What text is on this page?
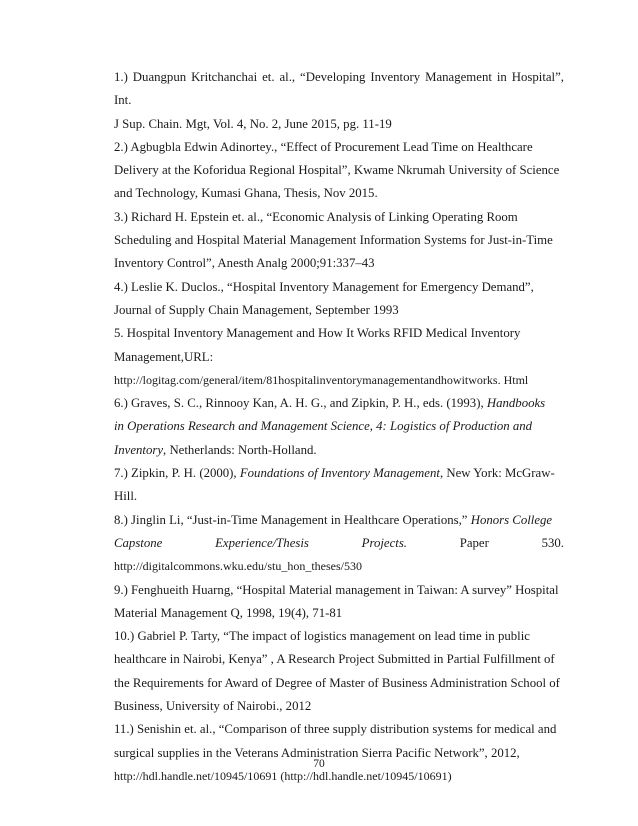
1.) Duangpun Kritchanchai et. al., “Developing Inventory Management in Hospital”, Int.

J Sup. Chain. Mgt, Vol. 4, No. 2, June 2015, pg. 11-19

2.) Agbugbla Edwin Adinortey., “Effect of Procurement Lead Time on Healthcare

Delivery at the Koforidua Regional Hospital”, Kwame Nkrumah University of Science

and Technology, Kumasi Ghana, Thesis, Nov 2015.

3.) Richard H. Epstein et. al., “Economic Analysis of Linking Operating Room

Scheduling and Hospital Material Management Information Systems for Just-in-Time

Inventory Control”, Anesth Analg 2000;91:337–43

4.) Leslie K. Duclos., “Hospital Inventory Management for Emergency Demand”,

Journal of Supply Chain Management, September 1993

5. Hospital Inventory Management and How It Works RFID Medical Inventory

Management,URL:

http://logitag.com/general/item/81hospitalinventorymanagementandhowitworks. Html

6.) Graves, S. C., Rinnooy Kan, A. H. G., and Zipkin, P. H., eds. (1993), Handbooks

in Operations Research and Management Science, 4: Logistics of Production and

Inventory, Netherlands: North-Holland.

7.) Zipkin, P. H. (2000), Foundations of Inventory Management, New York: McGraw-

Hill.

8.) Jinglin Li, “Just-in-Time Management in Healthcare Operations,” Honors College

Capstone	Experience/Thesis	Projects.	Paper	530.

http://digitalcommons.wku.edu/stu_hon_theses/530

9.) Fenghueith Huarng, “Hospital Material management in Taiwan: A survey” Hospital

Material Management Q, 1998, 19(4), 71-81

10.) Gabriel P. Tarty, “The impact of logistics management on lead time in public

healthcare in Nairobi, Kenya” , A Research Project Submitted in Partial Fulfillment of

the Requirements for Award of Degree of Master of Business Administration School of

Business, University of Nairobi., 2012

11.) Senishin et. al., “Comparison of three supply distribution systems for medical and

surgical supplies in the Veterans Administration Sierra Pacific Network”, 2012,

http://hdl.handle.net/10945/10691 (http://hdl.handle.net/10945/10691)

70
